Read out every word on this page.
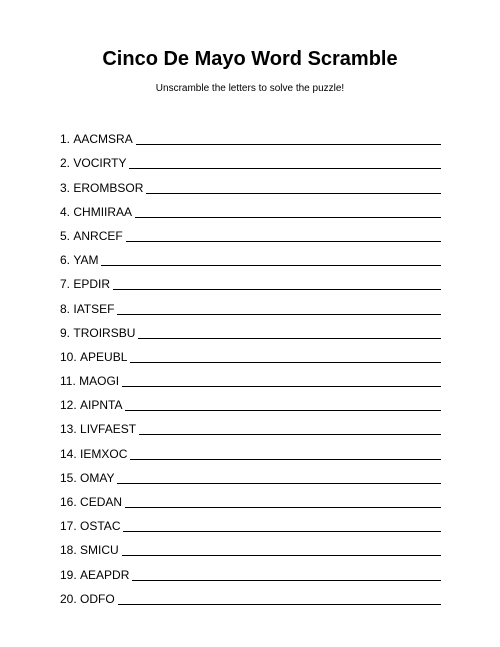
Cinco De Mayo Word Scramble
Unscramble the letters to solve the puzzle!
1.
AACMSRA
2.
VOCIRTY
3.
EROMBSOR
4.
CHMIIRAA
5.
ANRCEF
6.
YAM
7.
EPDIR
8.
IATSEF
9.
TROIRSBU
10.
APEUBL
11.
MAOGI
12.
AIPNTA
13.
LIVFAEST
14.
IEMXOC
15.
OMAY
16.
CEDAN
17.
OSTAC
18.
SMICU
19.
AEAPDR
20.
ODFO
